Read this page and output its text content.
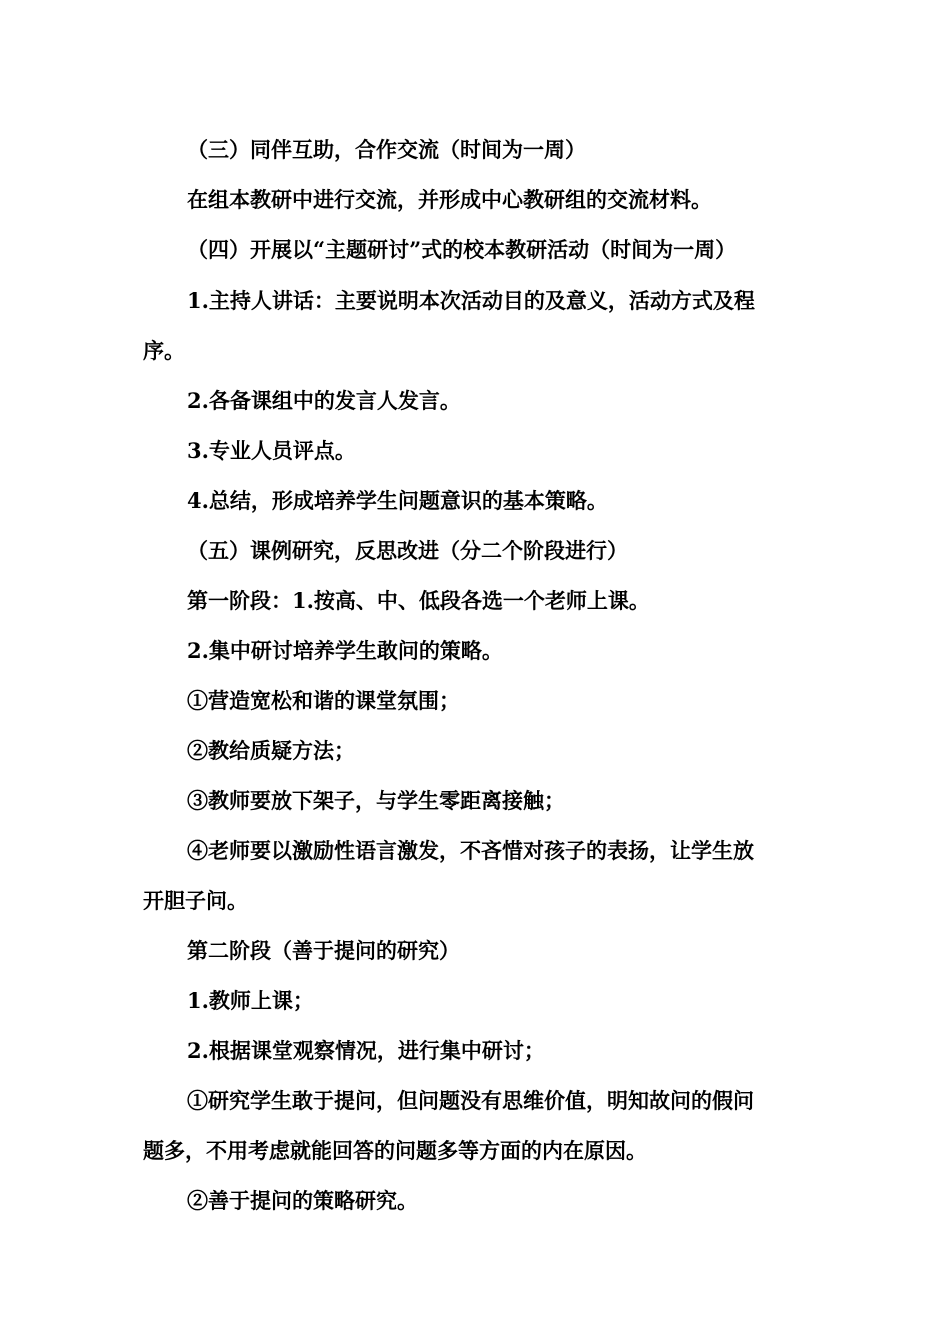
（三）同伴互助，合作交流（时间为一周）
在组本教研中进行交流，并形成中心教研组的交流材料。
（四）开展以“主题研讨”式的校本教研活动（时间为一周）
1.主持人讲话：主要说明本次活动目的及意义，活动方式及程
序。
2.各备课组中的发言人发言。
3.专业人员评点。
4.总结，形成培养学生问题意识的基本策略。
（五）课例研究，反思改进（分二个阶段进行）
第一阶段：1.按高、中、低段各选一个老师上课。
2.集中研讨培养学生敢问的策略。
①营造宽松和谐的课堂氛围；
②教给质疑方法；
③教师要放下架子，与学生零距离接触；
④老师要以激励性语言激发，不吝惜对孩子的表扬，让学生放
开胆子问。
第二阶段（善于提问的研究）
1.教师上课；
2.根据课堂观察情况，进行集中研讨；
①研究学生敢于提问，但问题没有思维价值，明知故问的假问
题多，不用考虑就能回答的问题多等方面的内在原因。
②善于提问的策略研究。
